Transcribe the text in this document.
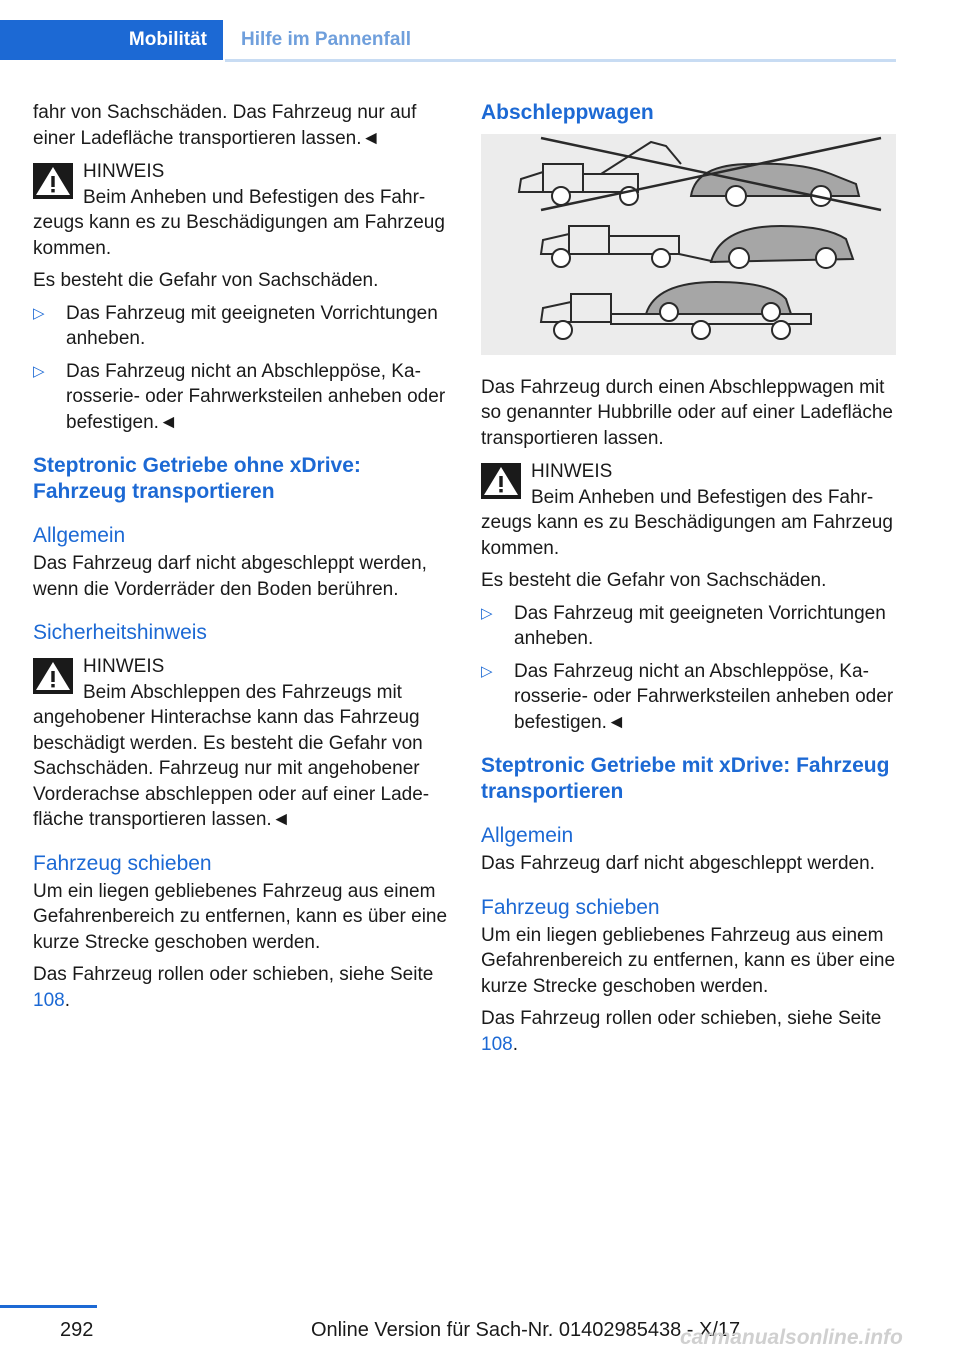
Mobilität	Hilfe im Pannenfall

fahr von Sachschäden. Das Fahrzeug nur auf einer Ladefläche transportieren lassen.◄

HINWEIS
Beim Anheben und Befestigen des Fahrzeugs kann es zu Beschädigungen am Fahrzeug kommen.

Es besteht die Gefahr von Sachschäden.

▷ Das Fahrzeug mit geeigneten Vorrichtungen anheben.
▷ Das Fahrzeug nicht an Abschleppöse, Karosserie- oder Fahrwerksteilen anheben oder befestigen.◄
Steptronic Getriebe ohne xDrive: Fahrzeug transportieren
Allgemein

Das Fahrzeug darf nicht abgeschleppt werden, wenn die Vorderräder den Boden berühren.

Sicherheitshinweis
HINWEIS
Beim Abschleppen des Fahrzeugs mit angehobener Hinterachse kann das Fahrzeug beschädigt werden. Es besteht die Gefahr von Sachschäden. Fahrzeug nur mit angehobener Vorderachse abschleppen oder auf einer Ladefläche transportieren lassen.◄
Fahrzeug schieben

Um ein liegen gebliebenes Fahrzeug aus einem Gefahrenbereich zu entfernen, kann es über eine kurze Strecke geschoben werden.

Das Fahrzeug rollen oder schieben, siehe Seite 108.

Abschleppwagen

Das Fahrzeug durch einen Abschleppwagen mit so genannter Hubbrille oder auf einer Ladefläche transportieren lassen.

HINWEIS
Beim Anheben und Befestigen des Fahrzeugs kann es zu Beschädigungen am Fahrzeug kommen.

Es besteht die Gefahr von Sachschäden.

▷ Das Fahrzeug mit geeigneten Vorrichtungen anheben.
▷ Das Fahrzeug nicht an Abschleppöse, Karosserie- oder Fahrwerksteilen anheben oder befestigen.◄
Steptronic Getriebe mit xDrive: Fahrzeug transportieren
Allgemein

Das Fahrzeug darf nicht abgeschleppt werden.

Fahrzeug schieben

Um ein liegen gebliebenes Fahrzeug aus einem Gefahrenbereich zu entfernen, kann es über eine kurze Strecke geschoben werden.

Das Fahrzeug rollen oder schieben, siehe Seite 108.

292	Online Version für Sach-Nr. 01402985438 - X/17
carmanualsonline.info
